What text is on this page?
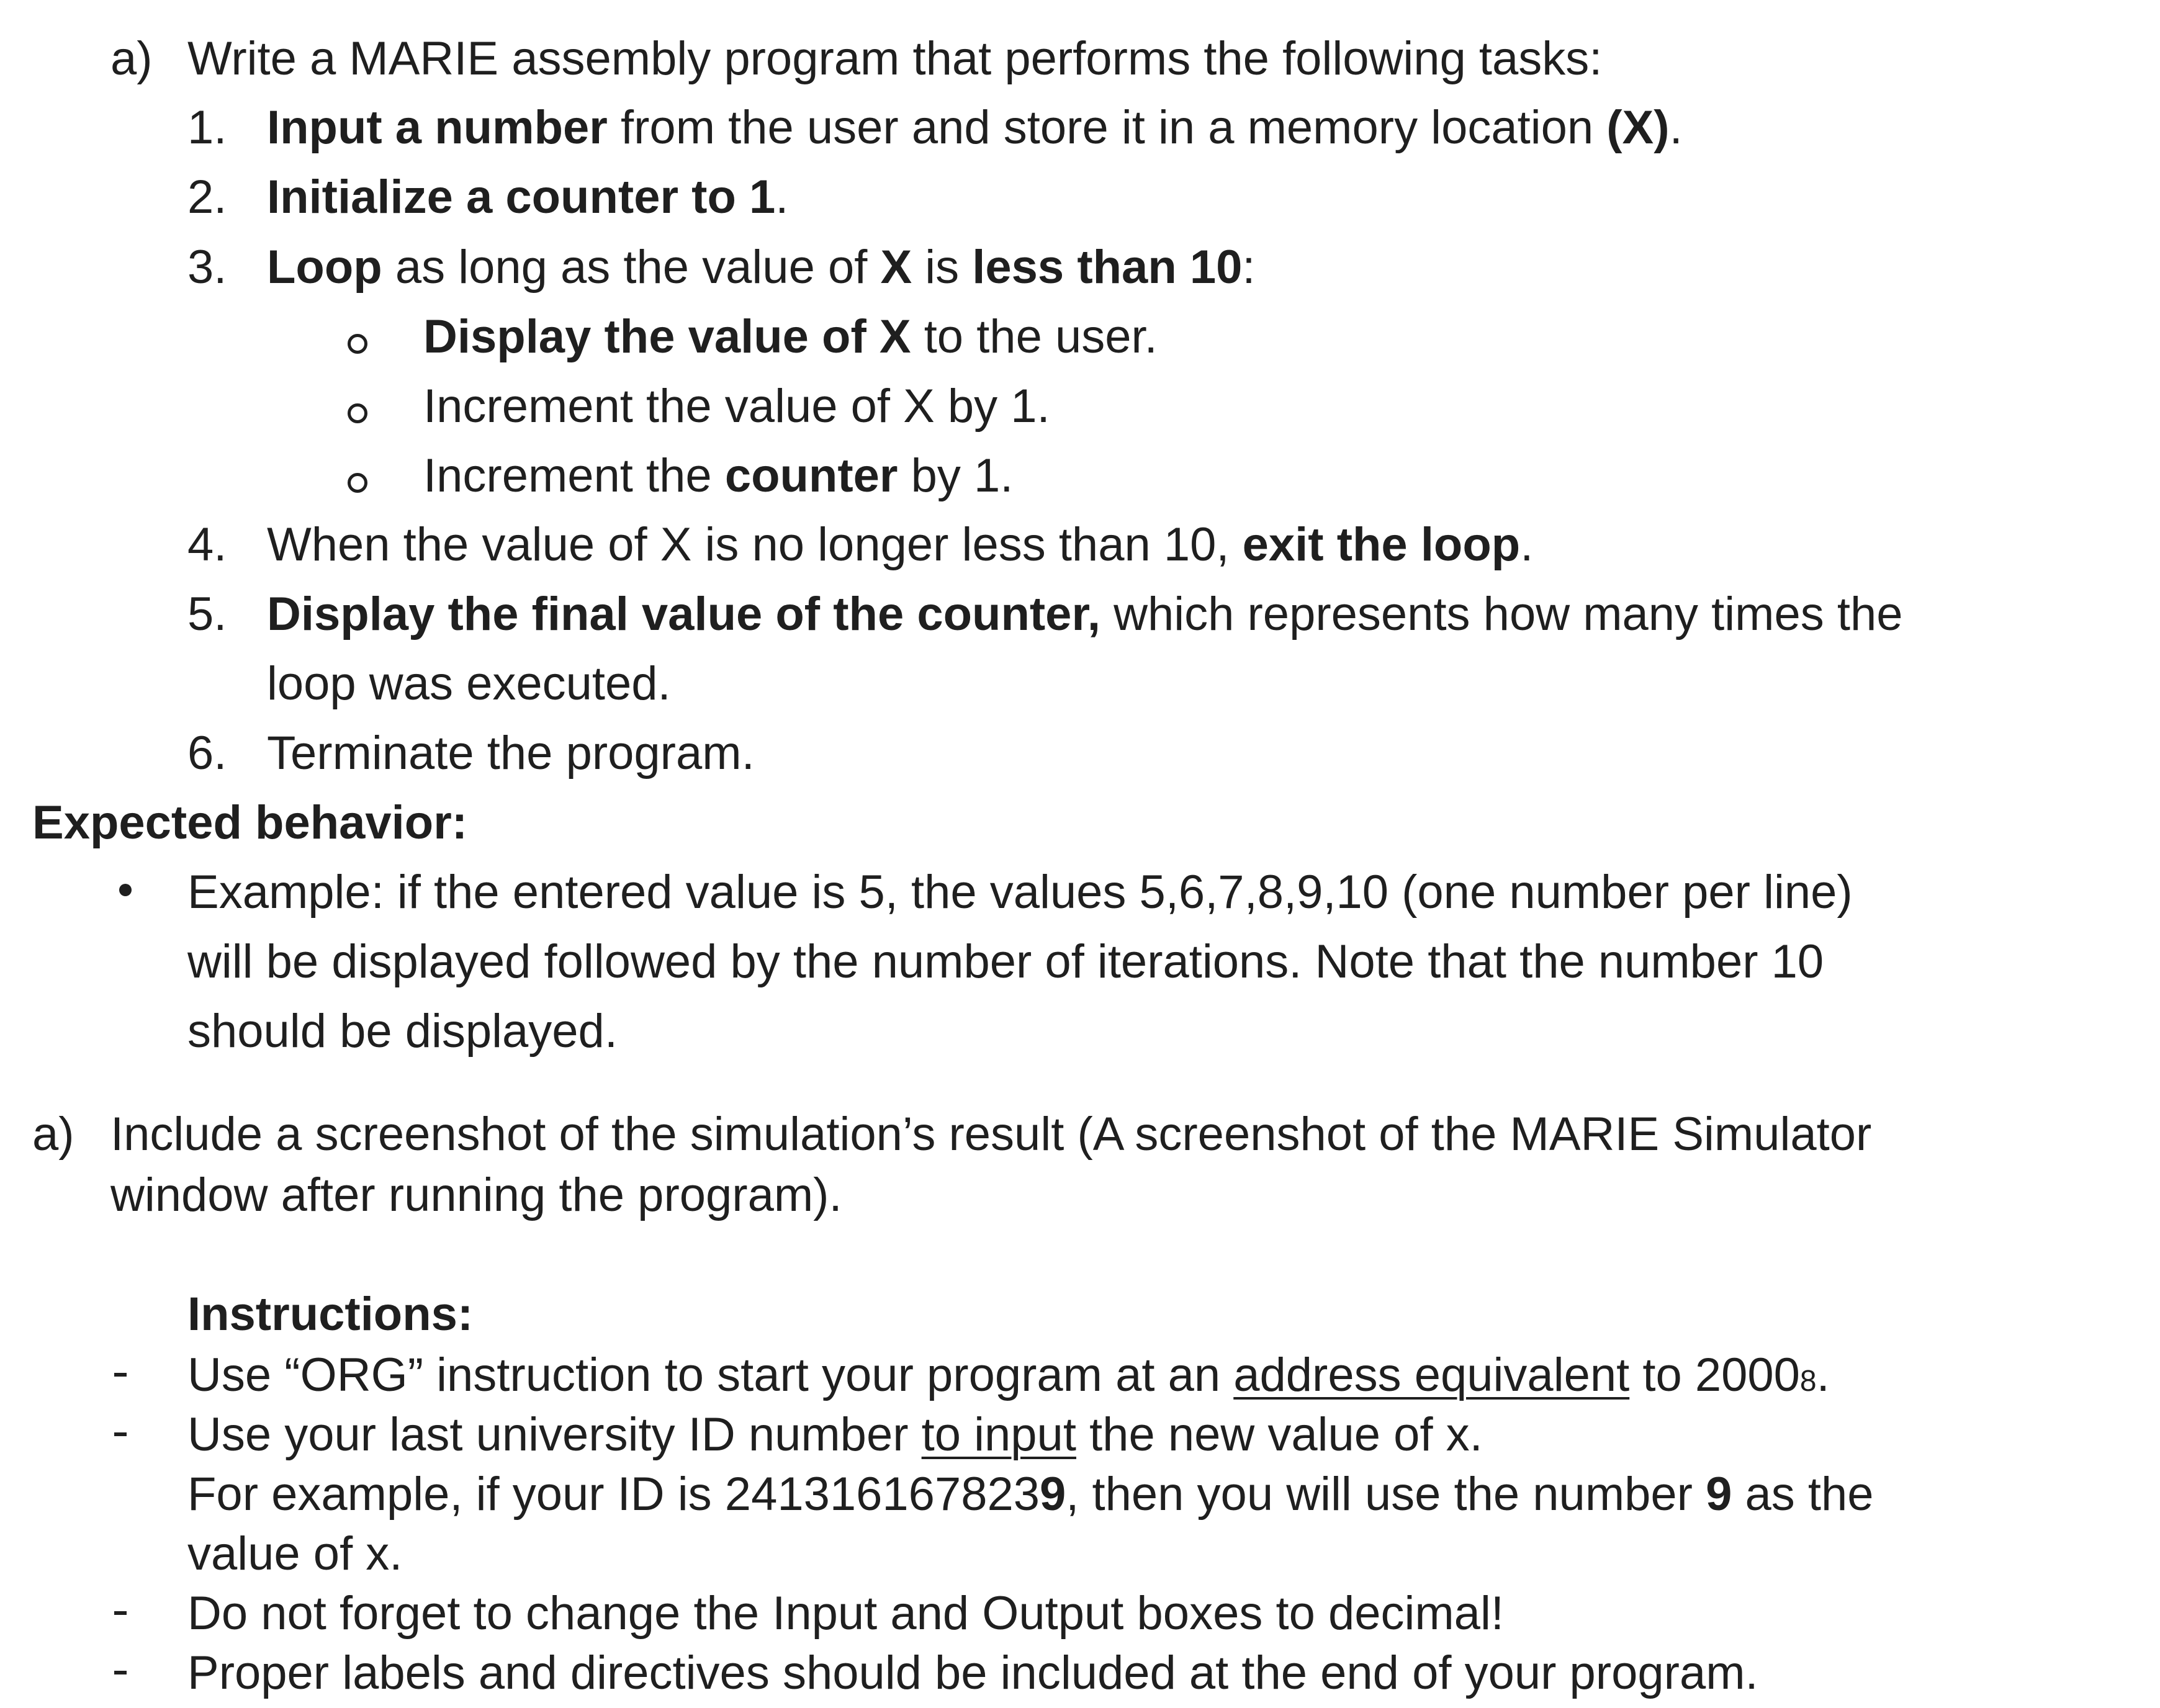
a) Write a MARIE assembly program that performs the following tasks:
1. Input a number from the user and store it in a memory location (X).
2. Initialize a counter to 1.
3. Loop as long as the value of X is less than 10:
Display the value of X to the user.
Increment the value of X by 1.
Increment the counter by 1.
4. When the value of X is no longer less than 10, exit the loop.
5. Display the final value of the counter, which represents how many times the
loop was executed.
6. Terminate the program.
Expected behavior:
Example: if the entered value is 5, the values 5,6,7,8,9,10 (one number per line)
will be displayed followed by the number of iterations. Note that the number 10
should be displayed.
a) Include a screenshot of the simulation’s result (A screenshot of the MARIE Simulator
window after running the program).
Instructions:
Use “ORG” instruction to start your program at an address equivalent to 20008.
Use your last university ID number to input the new value of x.
For example, if your ID is 2413161678239, then you will use the number 9 as the
value of x.
Do not forget to change the Input and Output boxes to decimal!
Proper labels and directives should be included at the end of your program.
